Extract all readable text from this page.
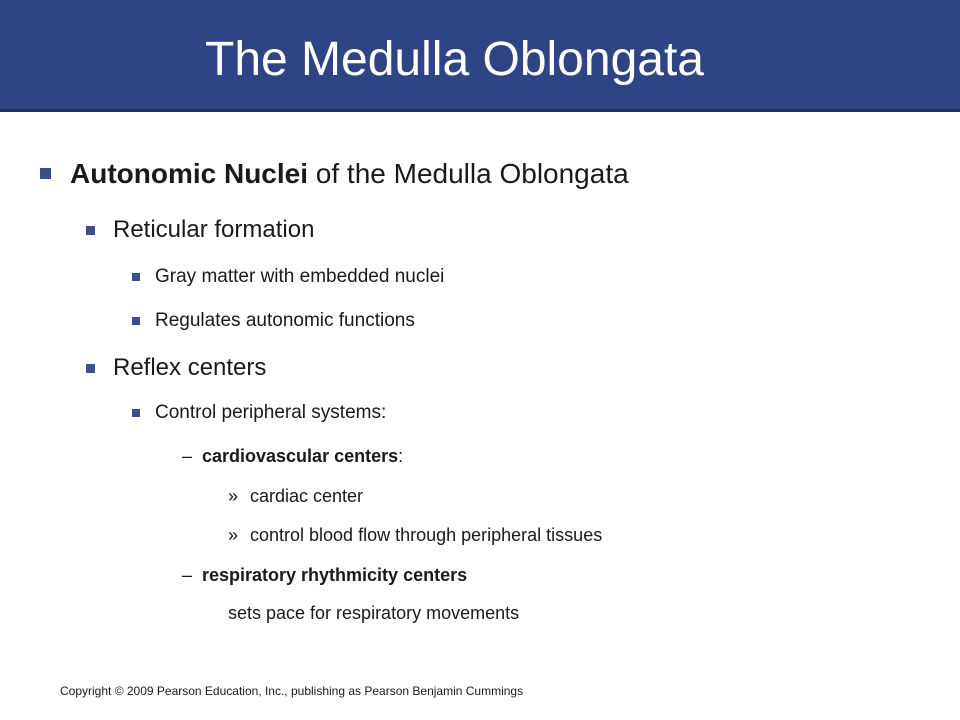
The Medulla Oblongata
Autonomic Nuclei of the Medulla Oblongata
Reticular formation
Gray matter with embedded nuclei
Regulates autonomic functions
Reflex centers
Control peripheral systems:
– cardiovascular centers:
» cardiac center
» control blood flow through peripheral tissues
– respiratory rhythmicity centers
sets pace for respiratory movements
Copyright © 2009 Pearson Education, Inc., publishing as Pearson Benjamin Cummings
